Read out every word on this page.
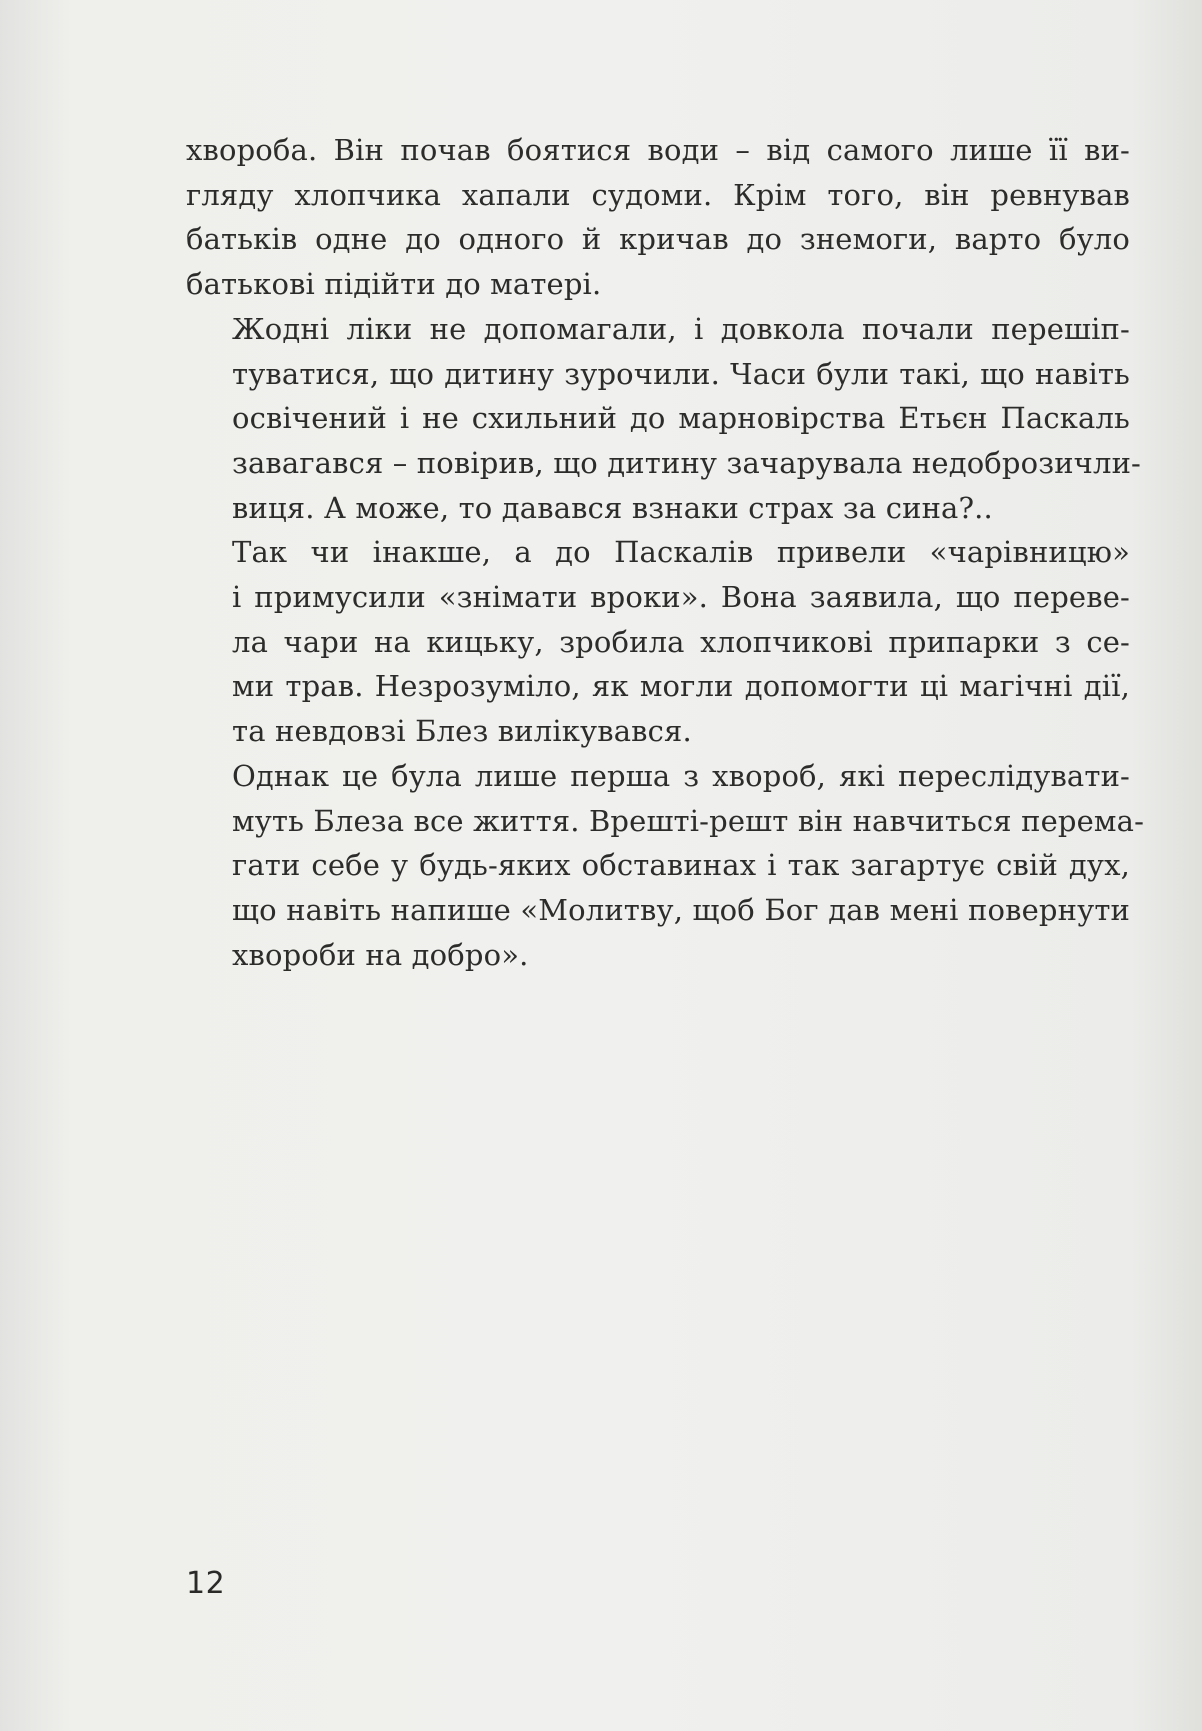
хвороба. Він почав боятися води – від самого лише її ви-
гляду хлопчика хапали судоми. Крім того, він ревнував
батьків одне до одного й кричав до знемоги, варто було
батькові підійти до матері.

Жодні ліки не допомагали, і довкола почали перешіп-
туватися, що дитину зурочили. Часи були такі, що навіть
освічений і не схильний до марновірства Етьєн Паскаль
завагався – повірив, що дитину зачарувала недоброзичли-
виця. А може, то давався взнаки страх за сина?..

Так чи інакше, а до Паскалів привели «чарівницю»
і примусили «знімати вроки». Вона заявила, що переве-
ла чари на кицьку, зробила хлопчикові припарки з се-
ми трав. Незрозуміло, як могли допомогти ці магічні дії,
та невдовзі Блез вилікувався.

Однак це була лише перша з хвороб, які переслідувати-
муть Блеза все життя. Врешті-решт він навчиться перема-
гати себе у будь-яких обставинах і так загартує свій дух,
що навіть напише «Молитву, щоб Бог дав мені повернути
хвороби на добро».

12
